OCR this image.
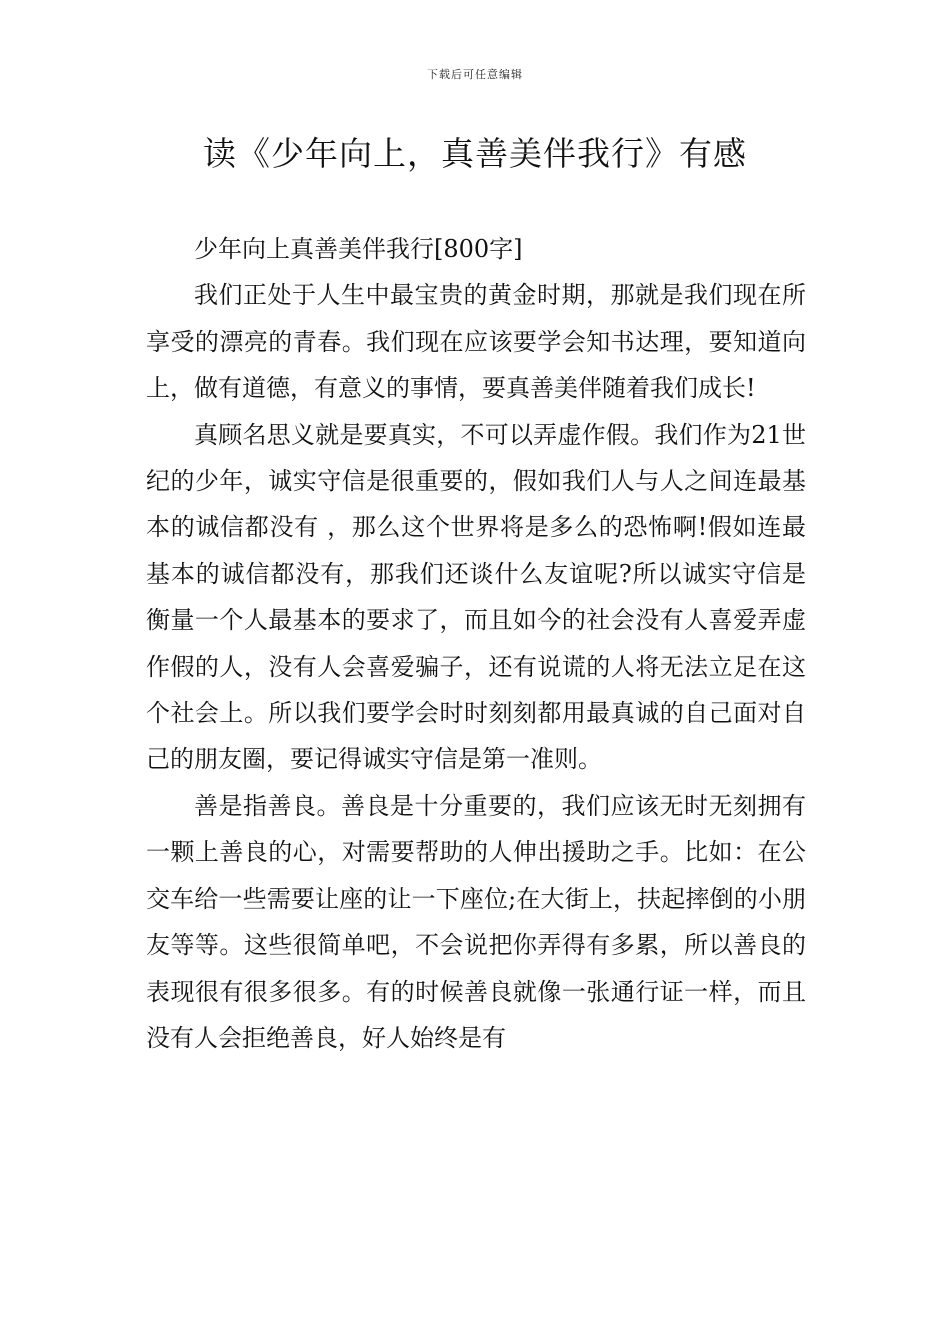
下载后可任意编辑
读《少年向上，真善美伴我行》有感

少年向上真善美伴我行[800字]

我们正处于人生中最宝贵的黄金时期，那就是我们现在所享受的漂亮的青春。我们现在应该要学会知书达理，要知道向上，做有道德，有意义的事情，要真善美伴随着我们成长!

真顾名思义就是要真实，不可以弄虚作假。我们作为21世纪的少年，诚实守信是很重要的，假如我们人与人之间连最基本的诚信都没有 ，那么这个世界将是多么的恐怖啊!假如连最基本的诚信都没有，那我们还谈什么友谊呢?所以诚实守信是衡量一个人最基本的要求了，而且如今的社会没有人喜爱弄虚作假的人，没有人会喜爱骗子，还有说谎的人将无法立足在这个社会上。所以我们要学会时时刻刻都用最真诚的自己面对自己的朋友圈，要记得诚实守信是第一准则。

善是指善良。善良是十分重要的，我们应该无时无刻拥有一颗上善良的心，对需要帮助的人伸出援助之手。比如：在公交车给一些需要让座的让一下座位;在大街上，扶起摔倒的小朋友等等。这些很简单吧，不会说把你弄得有多累，所以善良的表现很有很多很多。有的时候善良就像一张通行证一样，而且没有人会拒绝善良，好人始终是有
